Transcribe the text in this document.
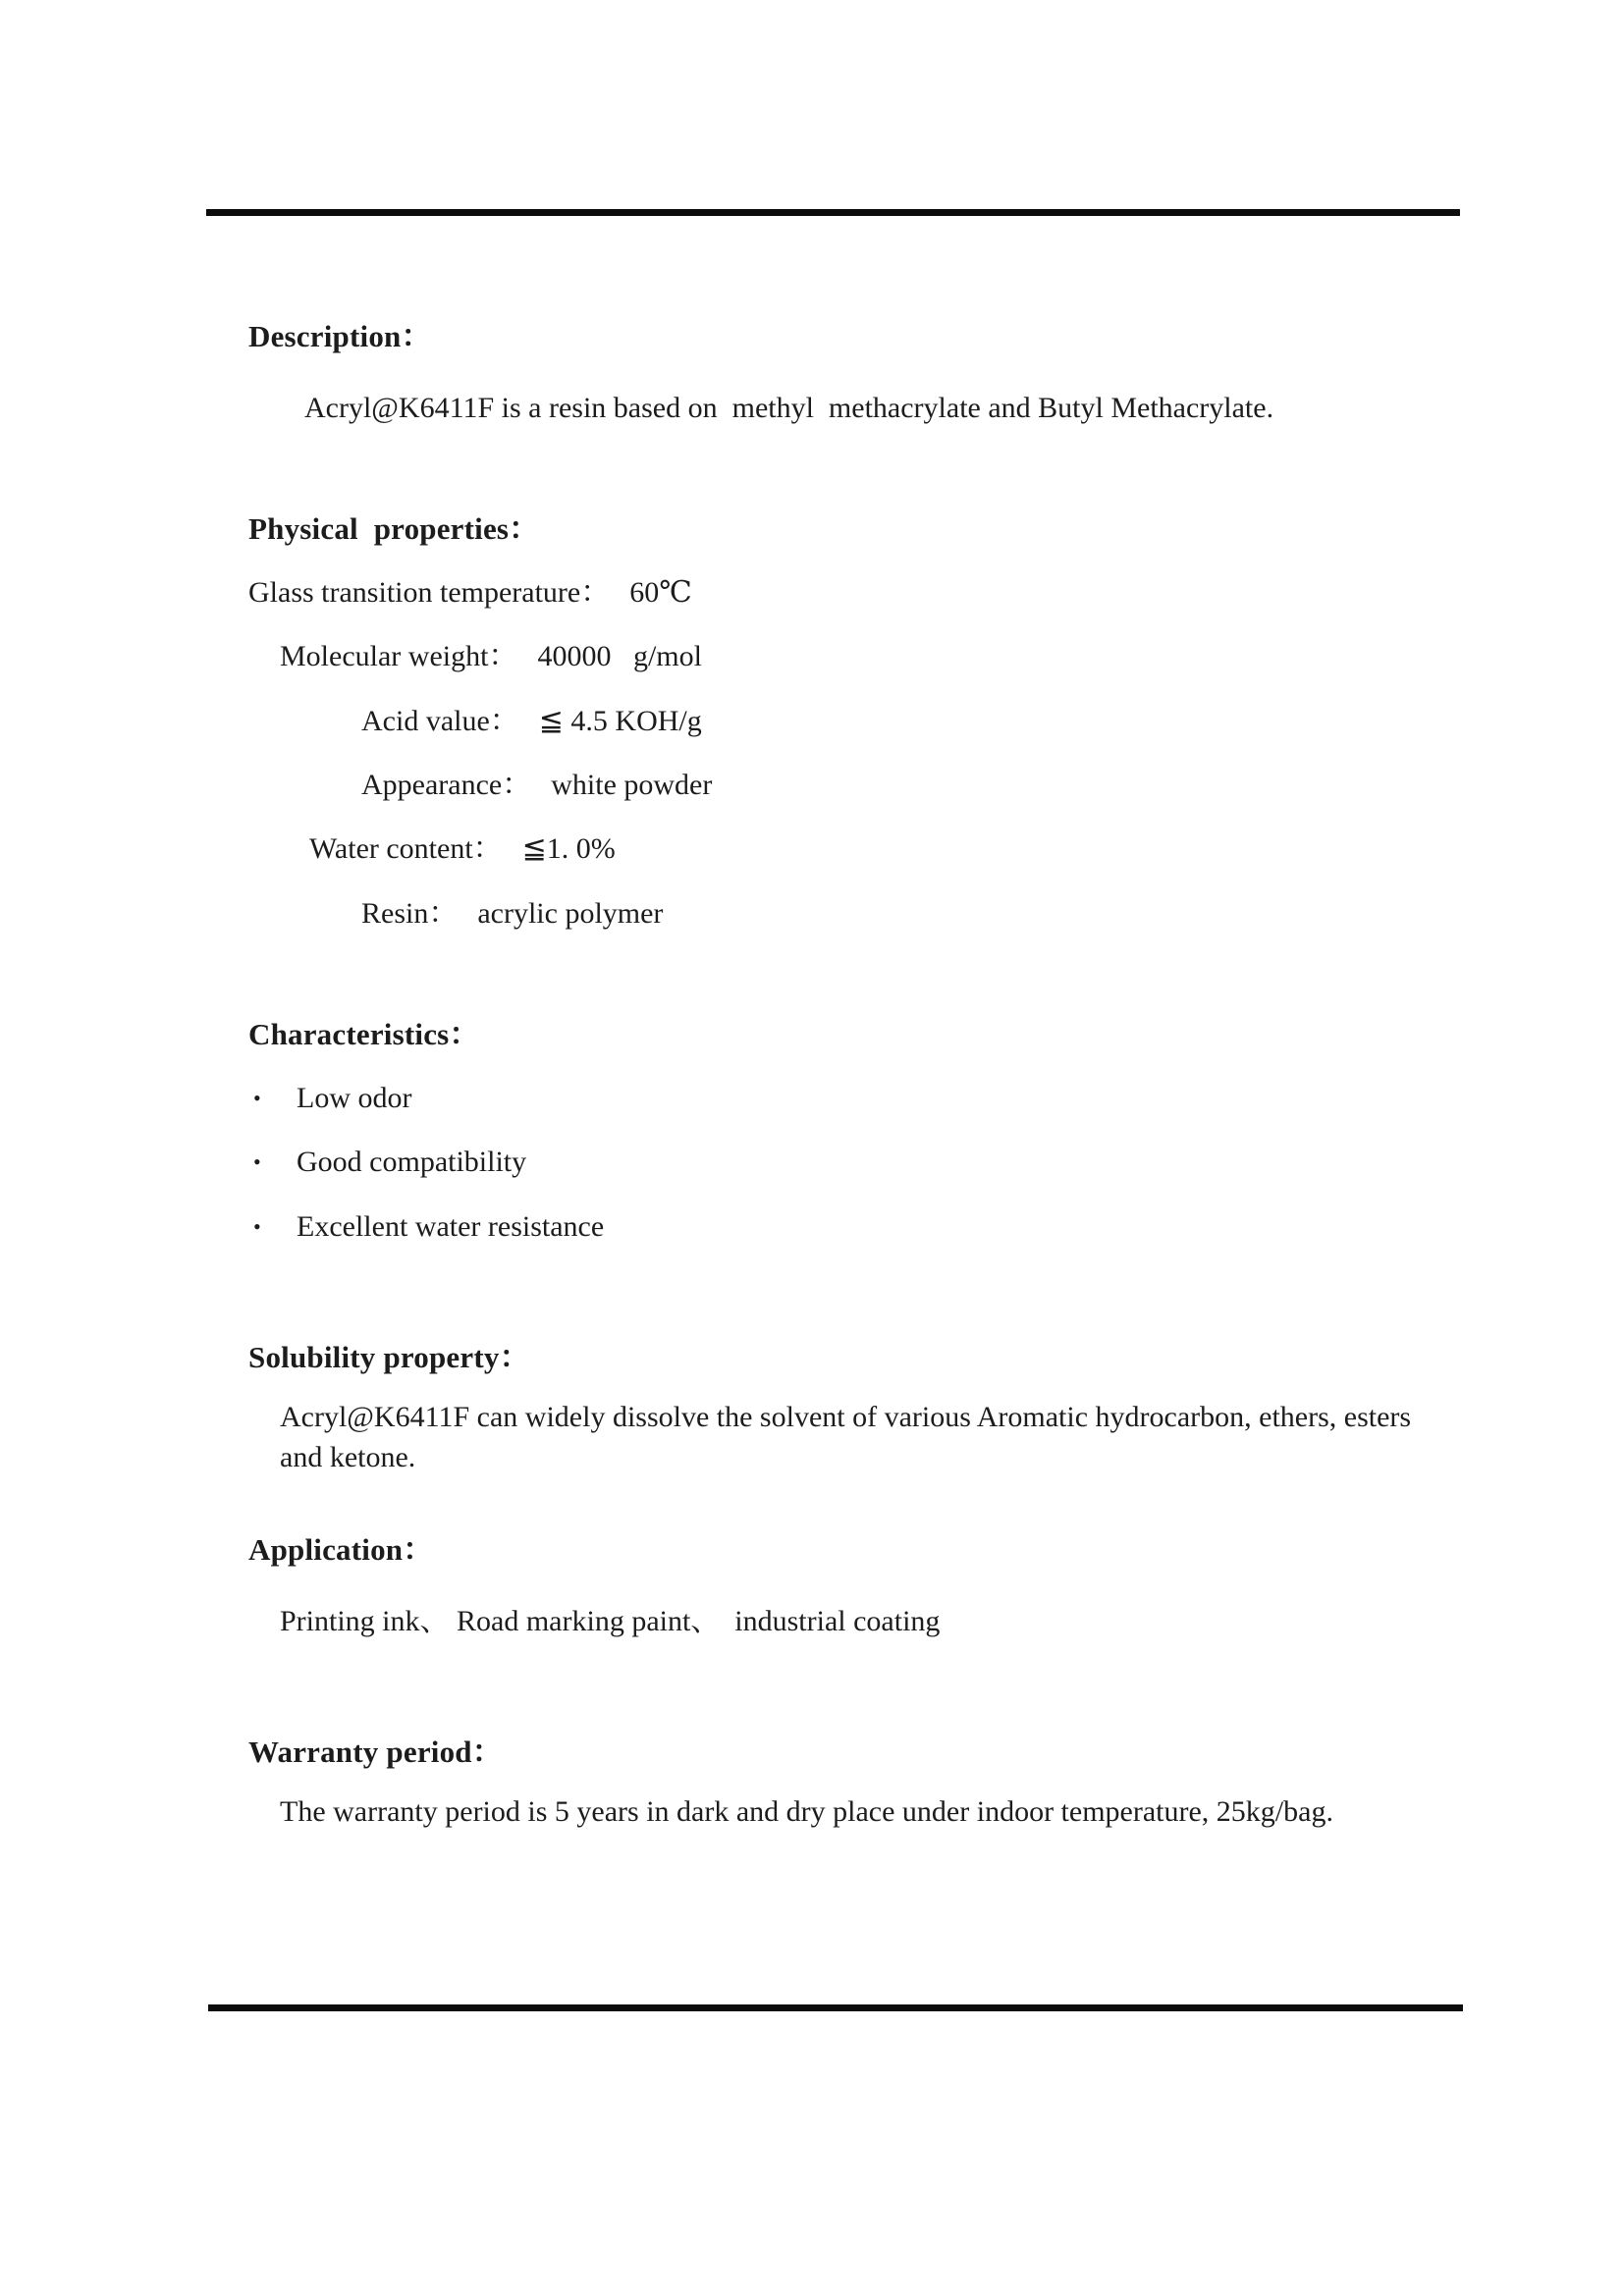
Description：

Acryl@K6411F is a resin based on  methyl  methacrylate and Butyl Methacrylate.

Physical  properties：
Glass transition temperature： 60℃
Molecular weight： 40000   g/mol
Acid value： ≦ 4.5 KOH/g
Appearance： white powder
Water content： ≦1. 0%
Resin： acrylic polymer
Characteristics：
•	Low odor
•	Good compatibility
•	Excellent water resistance
Solubility property：

Acryl@K6411F can widely dissolve the solvent of various Aromatic hydrocarbon, ethers, esters and ketone.

Application：

Printing ink、 Road marking paint、  industrial coating

Warranty period：

The warranty period is 5 years in dark and dry place under indoor temperature, 25kg/bag.
